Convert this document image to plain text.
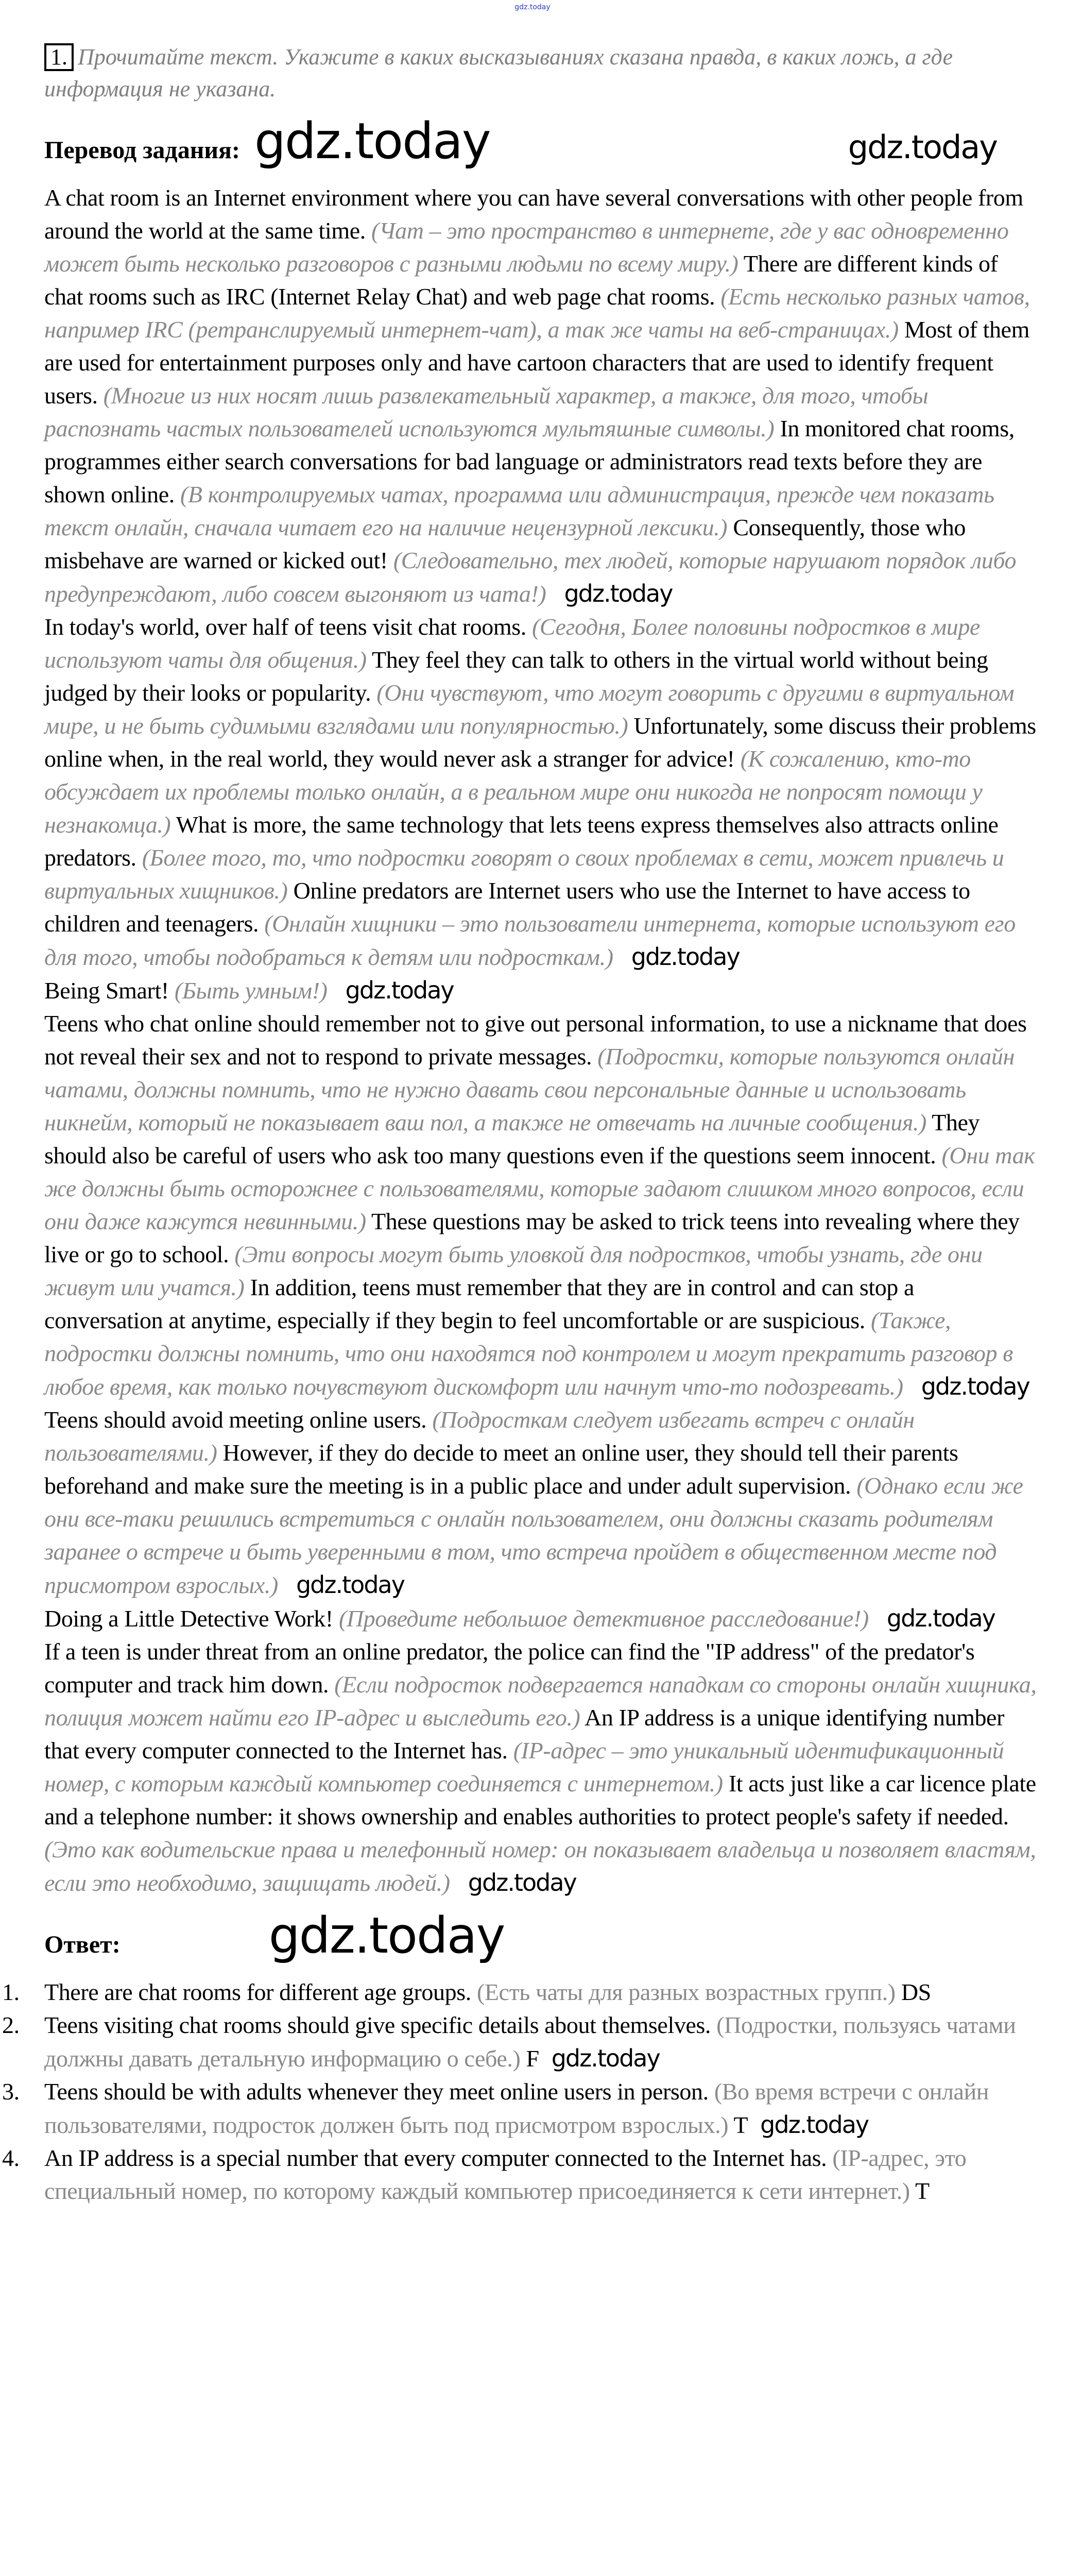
gdz.today
1. Прочитайте текст. Укажите в каких высказываниях сказана правда, в каких ложь, а где информация не указана.
Перевод задания: gdz.today	gdz.today

A chat room is an Internet environment where you can have several conversations with other people from around the world at the same time. (Чат – это пространство в интернете, где у вас одновременно может быть несколько разговоров с разными людьми по всему миру.) There are different kinds of chat rooms such as IRC (Internet Relay Chat) and web page chat rooms. (Есть несколько разных чатов, например IRC (ретранслируемый интернет-чат), а так же чаты на веб-страницах.) Most of them are used for entertainment purposes only and have cartoon characters that are used to identify frequent users. (Многие из них носят лишь развлекательный характер, а также, для того, чтобы распознать частых пользователей используются мультяшные символы.) In monitored chat rooms, programmes either search conversations for bad language or administrators read texts before they are shown online. (В контролируемых чатах, программа или администрация, прежде чем показать текст онлайн, сначала читает его на наличие нецензурной лексики.) Consequently, those who misbehave are warned or kicked out! (Следовательно, тех людей, которые нарушают порядок либо предупреждают, либо совсем выгоняют из чата!) gdz.today

In today's world, over half of teens visit chat rooms. (Сегодня, Более половины подростков в мире используют чаты для общения.) They feel they can talk to others in the virtual world without being judged by their looks or popularity. (Они чувствуют, что могут говорить с другими в виртуальном мире, и не быть судимыми взглядами или популярностью.) Unfortunately, some discuss their problems online when, in the real world, they would never ask a stranger for advice! (К сожалению, кто-то обсуждает их проблемы только онлайн, а в реальном мире они никогда не попросят помощи у незнакомца.) What is more, the same technology that lets teens express themselves also attracts online predators. (Более того, то, что подростки говорят о своих проблемах в сети, может привлечь и виртуальных хищников.) Online predators are Internet users who use the Internet to have access to children and teenagers. (Онлайн хищники – это пользователи интернета, которые используют его для того, чтобы подобраться к детям или подросткам.) gdz.today

Being Smart! (Быть умным!) gdz.today

Teens who chat online should remember not to give out personal information, to use a nickname that does not reveal their sex and not to respond to private messages. (Подростки, которые пользуются онлайн чатами, должны помнить, что не нужно давать свои персональные данные и использовать никнейм, который не показывает ваш пол, а также не отвечать на личные сообщения.) They should also be careful of users who ask too many questions even if the questions seem innocent. (Они так же должны быть осторожнее с пользователями, которые задают слишком много вопросов, если они даже кажутся невинными.) These questions may be asked to trick teens into revealing where they live or go to school. (Эти вопросы могут быть уловкой для подростков, чтобы узнать, где они живут или учатся.) In addition, teens must remember that they are in control and can stop a conversation at anytime, especially if they begin to feel uncomfortable or are suspicious. (Также, подростки должны помнить, что они находятся под контролем и могут прекратить разговор в любое время, как только почувствуют дискомфорт или начнут что-то подозревать.) gdz.today

Teens should avoid meeting online users. (Подросткам следует избегать встреч с онлайн пользователями.) However, if they do decide to meet an online user, they should tell their parents beforehand and make sure the meeting is in a public place and under adult supervision. (Однако если же они все-таки решились встретиться с онлайн пользователем, они должны сказать родителям заранее о встрече и быть уверенными в том, что встреча пройдет в общественном месте под присмотром взрослых.) gdz.today

Doing a Little Detective Work! (Проведите небольшое детективное расследование!) gdz.today

If a teen is under threat from an online predator, the police can find the "IP address" of the predator's computer and track him down. (Если подросток подвергается нападкам со стороны онлайн хищника, полиция может найти его IP-адрес и выследить его.) An IP address is a unique identifying number that every computer connected to the Internet has. (IP-адрес – это уникальный идентификационный номер, с которым каждый компьютер соединяется с интернетом.) It acts just like a car licence plate and a telephone number: it shows ownership and enables authorities to protect people's safety if needed. (Это как водительские права и телефонный номер: он показывает владельца и позволяет властям, если это необходимо, защищать людей.) gdz.today

Ответ:	gdz.today
1. There are chat rooms for different age groups. (Есть чаты для разных возрастных групп.) DS
2. Teens visiting chat rooms should give specific details about themselves. (Подростки, пользуясь чатами должны давать детальную информацию о себе.) F gdz.today
3. Teens should be with adults whenever they meet online users in person. (Во время встречи с онлайн пользователями, подросток должен быть под присмотром взрослых.) T gdz.today
4. An IP address is a special number that every computer connected to the Internet has. (IP-адрес, это специальный номер, по которому каждый компьютер присоединяется к сети интернет.) T
